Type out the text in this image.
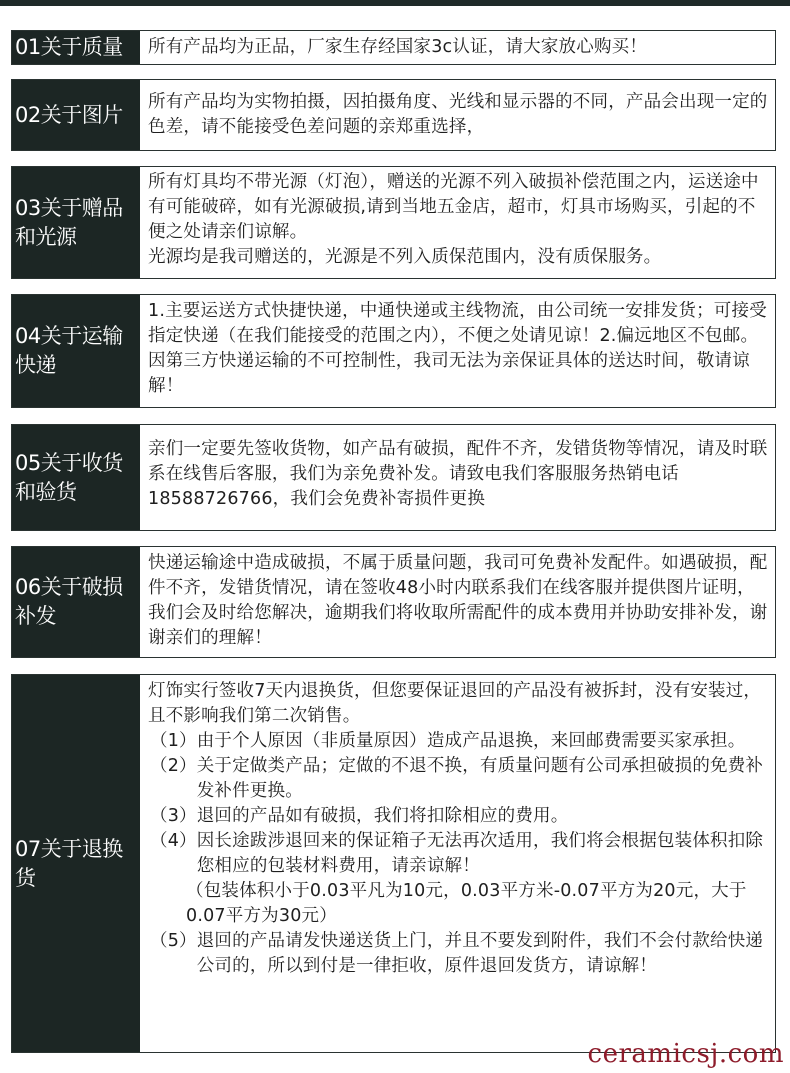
01关于质量	所有产品均为正品，厂家生存经国家3c认证，请大家放心购买！

02关于图片

所有产品均为实物拍摄，因拍摄角度、光线和显示器的不同，产品会出现一定的色差，请不能接受色差问题的亲郑重选择，

03关于赠品和光源

所有灯具均不带光源（灯泡），赠送的光源不列入破损补偿范围之内，运送途中有可能破碎，如有光源破损,请到当地五金店，超市，灯具市场购买，引起的不便之处请亲们谅解。

光源均是我司赠送的，光源是不列入质保范围内，没有质保服务。

04关于运输快递

1.主要运送方式快捷快递，中通快递或主线物流，由公司统一安排发货；可接受指定快递（在我们能接受的范围之内），不便之处请见谅！2.偏远地区不包邮。因第三方快递运输的不可控制性，我司无法为亲保证具体的送达时间，敬请谅解！

05关于收货和验货

亲们一定要先签收货物，如产品有破损，配件不齐，发错货物等情况，请及时联系在线售后客服，我们为亲免费补发。请致电我们客服服务热销电话18588726766，我们会免费补寄损件更换

06关于破损补发

快递运输途中造成破损，不属于质量问题，我司可免费补发配件。如遇破损，配件不齐，发错货情况，请在签收48小时内联系我们在线客服并提供图片证明，我们会及时给您解决，逾期我们将收取所需配件的成本费用并协助安排补发，谢谢亲们的理解！

07关于退换货

灯饰实行签收7天内退换货，但您要保证退回的产品没有被拆封，没有安装过，且不影响我们第二次销售。

（1） 由于个人原因（非质量原因）造成产品退换，来回邮费需要买家承担。
（2） 关于定做类产品；定做的不退不换，有质量问题有公司承担破损的免费补发补件更换。
（3） 退回的产品如有破损，我们将扣除相应的费用。
（4） 因长途跋涉退回来的保证箱子无法再次适用，我们将会根据包装体积扣除您相应的包装材料费用，请亲谅解！

（包装体积小于0.03平凡为10元，0.03平方米-0.07平方为20元，大于0.07平方为30元）

（5） 退回的产品请发快递送货上门，并且不要发到附件，我们不会付款给快递公司的，所以到付是一律拒收，原件退回发货方，请谅解！
ceramicsj.com
